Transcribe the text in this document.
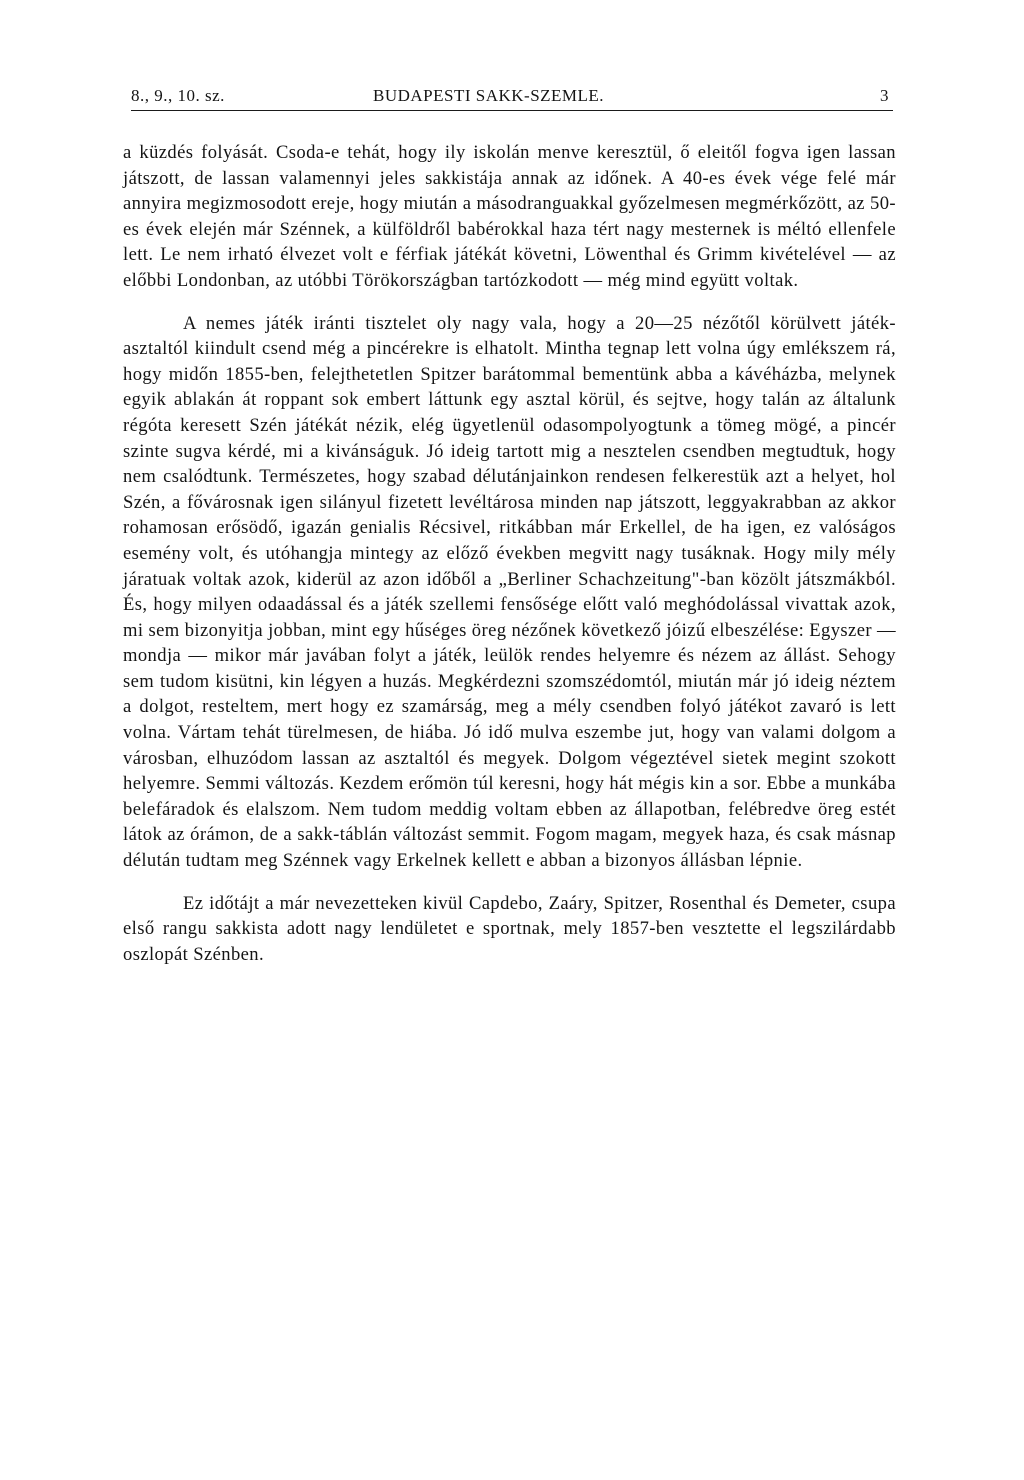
8., 9., 10. sz.	BUDAPESTI SAKK-SZEMLE.	3

a küzdés folyását. Csoda-e tehát, hogy ily iskolán menve keresztül, ő eleitől fogva igen lassan játszott, de lassan valamennyi jeles sakkistája annak az időnek. A 40-es évek vége felé már annyira megizmosodott ereje, hogy miután a másodranguakkal győzelmesen megmérkőzött, az 50-es évek elején már Szénnek, a külföldről babérokkal haza tért nagy mesternek is méltó ellenfele lett. Le nem irható élvezet volt e férfiak játékát követni, Löwenthal és Grimm kivételével — az előbbi Londonban, az utóbbi Törökországban tartózkodott — még mind együtt voltak.

A nemes játék iránti tisztelet oly nagy vala, hogy a 20—25 nézőtől körülvett játék-asztaltól kiindult csend még a pincérekre is elhatolt. Mintha tegnap lett volna úgy emlékszem rá, hogy midőn 1855-ben, felejthetetlen Spitzer barátommal bementünk abba a kávéházba, melynek egyik ablakán át roppant sok embert láttunk egy asztal körül, és sejtve, hogy talán az általunk régóta keresett Szén játékát nézik, elég ügyetlenül odasompolyogtunk a tömeg mögé, a pincér szinte sugva kérdé, mi a kivánságuk. Jó ideig tartott mig a nesztelen csendben megtudtuk, hogy nem csalódtunk. Természetes, hogy szabad délutánjainkon rendesen felkerestük azt a helyet, hol Szén, a fővárosnak igen silányul fizetett levéltárosa minden nap játszott, leggyakrabban az akkor rohamosan erősödő, igazán genialis Récsivel, ritkábban már Erkellel, de ha igen, ez valóságos esemény volt, és utóhangja mintegy az előző években megvitt nagy tusáknak. Hogy mily mély járatuak voltak azok, kiderül az azon időből a „Berliner Schachzeitung"-ban közölt játszmákból. És, hogy milyen odaadással és a játék szellemi fensősége előtt való meghódolással vivattak azok, mi sem bizonyitja jobban, mint egy hűséges öreg nézőnek következő jóizű elbeszélése: Egyszer — mondja — mikor már javában folyt a játék, leülök rendes helyemre és nézem az állást. Sehogy sem tudom kisütni, kin légyen a huzás. Megkérdezni szomszédomtól, miután már jó ideig néztem a dolgot, resteltem, mert hogy ez szamárság, meg a mély csendben folyó játékot zavaró is lett volna. Vártam tehát türelmesen, de hiába. Jó idő mulva eszembe jut, hogy van valami dolgom a városban, elhuzódom lassan az asztaltól és megyek. Dolgom végeztével sietek megint szokott helyemre. Semmi változás. Kezdem erőmön túl keresni, hogy hát mégis kin a sor. Ebbe a munkába belefáradok és elalszom. Nem tudom meddig voltam ebben az állapotban, felébredve öreg estét látok az órámon, de a sakk-táblán változást semmit. Fogom magam, megyek haza, és csak másnap délután tudtam meg Szénnek vagy Erkelnek kellett e abban a bizonyos állásban lépnie.

Ez időtájt a már nevezetteken kivül Capdebo, Zaáry, Spitzer, Rosenthal és Demeter, csupa első rangu sakkista adott nagy lendületet e sportnak, mely 1857-ben vesztette el legszilárdabb oszlopát Szénben.
